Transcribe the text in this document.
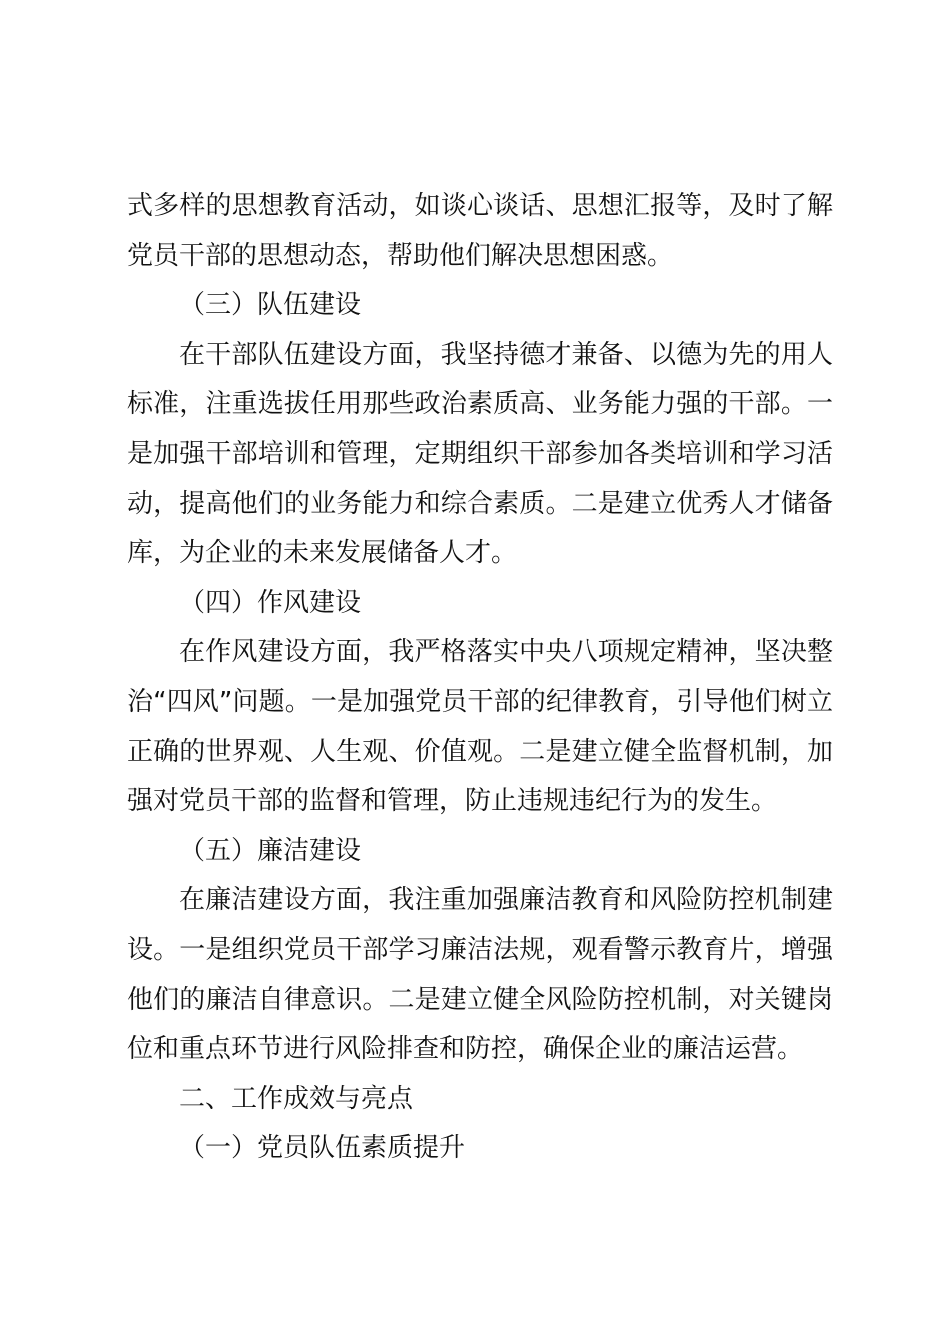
式多样的思想教育活动，如谈心谈话、思想汇报等，及时了解党员干部的思想动态，帮助他们解决思想困惑。

（三）队伍建设

在干部队伍建设方面，我坚持德才兼备、以德为先的用人标准，注重选拔任用那些政治素质高、业务能力强的干部。一是加强干部培训和管理，定期组织干部参加各类培训和学习活动，提高他们的业务能力和综合素质。二是建立优秀人才储备库，为企业的未来发展储备人才。

（四）作风建设

在作风建设方面，我严格落实中央八项规定精神，坚决整治“四风”问题。一是加强党员干部的纪律教育，引导他们树立正确的世界观、人生观、价值观。二是建立健全监督机制，加强对党员干部的监督和管理，防止违规违纪行为的发生。

（五）廉洁建设

在廉洁建设方面，我注重加强廉洁教育和风险防控机制建设。一是组织党员干部学习廉洁法规，观看警示教育片，增强他们的廉洁自律意识。二是建立健全风险防控机制，对关键岗位和重点环节进行风险排查和防控，确保企业的廉洁运营。

二、工作成效与亮点

（一）党员队伍素质提升
